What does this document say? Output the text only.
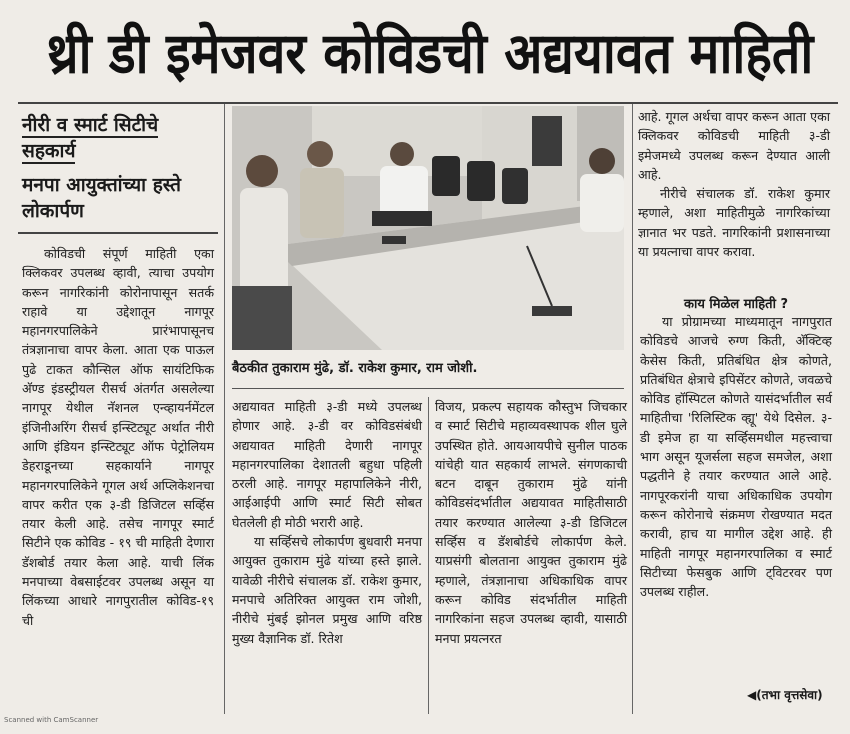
थ्री डी इमेजवर कोविडची अद्ययावत माहिती
नीरी व स्मार्ट सिटीचे सहकार्य
मनपा आयुक्तांच्या हस्ते लोकार्पण

कोविडची संपूर्ण माहिती एका क्लिकवर उपलब्ध व्हावी, त्याचा उपयोग करून नागरिकांनी कोरोनापासून सतर्क राहावे या उद्देशातून नागपूर महानगरपालिकेने प्रारंभापासूनच तंत्रज्ञानाचा वापर केला. आता एक पाऊल पुढे टाकत कौन्सिल ऑफ सायंटिफिक अ‍ॅण्ड इंडस्ट्रीयल रीसर्च अंतर्गत असलेल्या नागपूर येथील नॅशनल एन्व्हायर्नमेंटल इंजिनीअरिंग रीसर्च इन्स्टिट्यूट अर्थात नीरी आणि इंडियन इन्स्टिट्यूट ऑफ पेट्रोलियम डेहराडूनच्या सहकार्याने नागपूर महानगरपालिकेने गूगल अर्थ अप्लिकेशनचा वापर करीत एक ३-डी डिजिटल सर्व्हिस तयार केली आहे. तसेच नागपूर स्मार्ट सिटीने एक कोविड - १९ ची माहिती देणारा डॅशबोर्ड तयार केला आहे. याची लिंक मनपाच्या वेबसाईटवर उपलब्ध असून या लिंकच्या आधारे नागपुरातील कोविड-१९ ची

बैठकीत तुकाराम मुंढे, डॉ. राकेश कुमार, राम जोशी.

अद्ययावत माहिती ३-डी मध्ये उपलब्ध होणार आहे. ३-डी वर कोविडसंबंधी अद्ययावत माहिती देणारी नागपूर महानगरपालिका देशातली बहुधा पहिली ठरली आहे. नागपूर महापालिकेने नीरी, आईआईपी आणि स्मार्ट सिटी सोबत घेतलेली ही मोठी भरारी आहे.

या सर्व्हिसचे लोकार्पण बुधवारी मनपा आयुक्त तुकाराम मुंढे यांच्या हस्ते झाले. यावेळी नीरीचे संचालक डॉ. राकेश कुमार, मनपाचे अतिरिक्त आयुक्त राम जोशी, नीरीचे मुंबई झोनल प्रमुख आणि वरिष्ठ मुख्य वैज्ञानिक डॉ. रितेश

विजय, प्रकल्प सहायक कौस्तुभ जिचकार व स्मार्ट सिटीचे महाव्यवस्थापक शील घुले उपस्थित होते. आयआयपीचे सुनील पाठक यांचेही यात सहकार्य लाभले. संगणकाची बटन दाबून तुकाराम मुंढे यांनी कोविडसंदर्भातील अद्ययावत माहितीसाठी तयार करण्यात आलेल्या ३-डी डिजिटल सर्व्हिस व डॅशबोर्डचे लोकार्पण केले. याप्रसंगी बोलताना आयुक्त तुकाराम मुंढे म्हणाले, तंत्रज्ञानाचा अधिकाधिक वापर करून कोविड संदर्भातील माहिती नागरिकांना सहज उपलब्ध व्हावी, यासाठी मनपा प्रयत्नरत

आहे. गूगल अर्थचा वापर करून आता एका क्लिकवर कोविडची माहिती ३-डी इमेजमध्ये उपलब्ध करून देण्यात आली आहे.

नीरीचे संचालक डॉ. राकेश कुमार म्हणाले, अशा माहितीमुळे नागरिकांच्या ज्ञानात भर पडते. नागरिकांनी प्रशासनाच्या या प्रयत्नाचा वापर करावा.

काय मिळेल माहिती ?

या प्रोग्रामच्या माध्यमातून नागपुरात कोविडचे आजचे रुग्ण किती, अ‍ॅक्टिव्ह केसेस किती, प्रतिबंधित क्षेत्र कोणते, प्रतिबंधित क्षेत्राचे इपिसेंटर कोणते, जवळचे कोविड हॉस्पिटल कोणते यासंदर्भातील सर्व माहितीचा 'रिलिस्टिक व्ह्यू' येथे दिसेल. ३-डी इमेज हा या सर्व्हिसमधील महत्त्वाचा भाग असून यूजर्सला सहज समजेल, अशा पद्धतीने हे तयार करण्यात आले आहे. नागपूरकरांनी याचा अधिकाधिक उपयोग करून कोरोनाचे संक्रमण रोखण्यात मदत करावी, हाच या मागील उद्देश आहे. ही माहिती नागपूर महानगरपालिका व स्मार्ट सिटीच्या फेसबुक आणि ट्विटरवर पण उपलब्ध राहील.

◀(तभा वृत्तसेवा)
Scanned with CamScanner
